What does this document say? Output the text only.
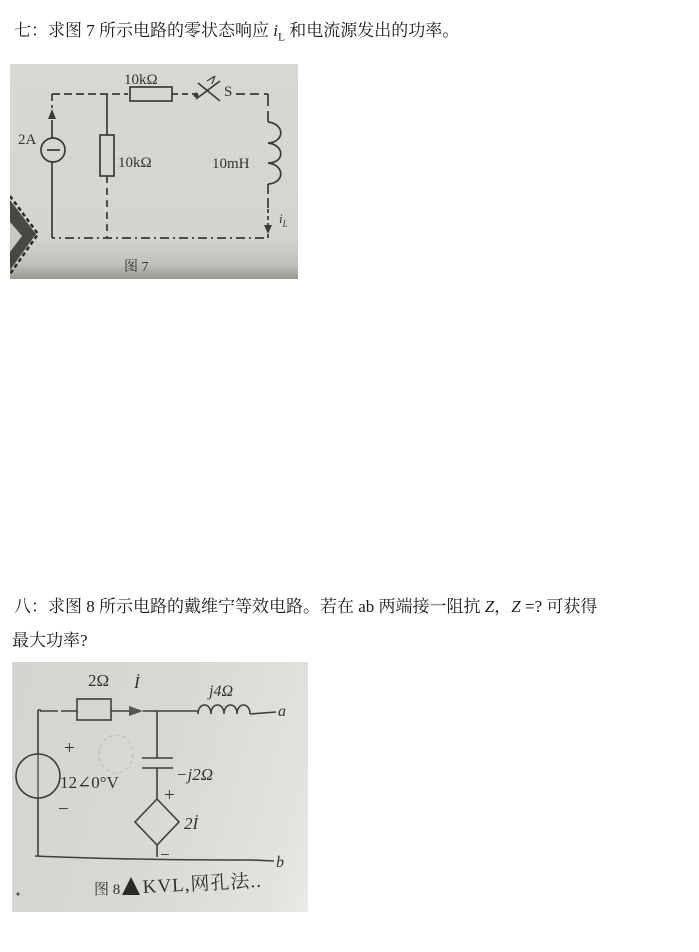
七：求图 7 所示电路的零状态响应 $i_L$ 和电流源发出的功率。
10kΩ
S
2A
10kΩ	10mH
$i_L$
图 7
八：求图 8 所示电路的戴维宁等效电路。若在 ab 两端接一阻抗 Z，Z =? 可获得
最大功率?
2Ω İ	j4Ω
a
+
−
12∠0°V	−j2Ω
+
2İ
−	b
图 8 KVL,网孔法..
